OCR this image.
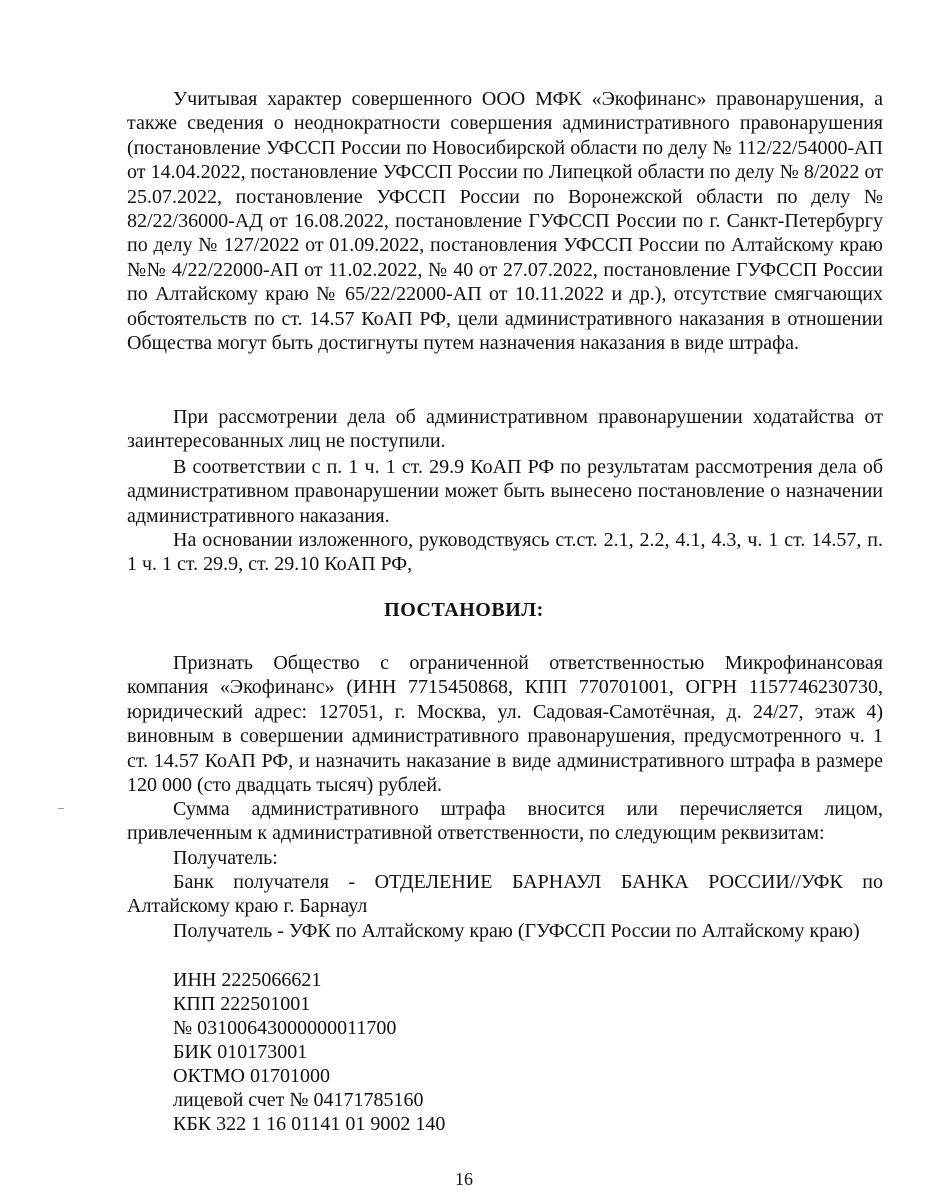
Учитывая характер совершенного ООО МФК «Экофинанс» правонарушения, а также сведения о неоднократности совершения административного правонарушения (постановление УФССП России по Новосибирской области по делу № 112/22/54000-АП от 14.04.2022, постановление УФССП России по Липецкой области по делу № 8/2022 от 25.07.2022, постановление УФССП России по Воронежской области по делу № 82/22/36000-АД от 16.08.2022, постановление ГУФССП России по г. Санкт-Петербургу по делу № 127/2022 от 01.09.2022, постановления УФССП России по Алтайскому краю №№ 4/22/22000-АП от 11.02.2022, № 40 от 27.07.2022, постановление ГУФССП России по Алтайскому краю № 65/22/22000-АП от 10.11.2022 и др.), отсутствие смягчающих обстоятельств по ст. 14.57 КоАП РФ, цели административного наказания в отношении Общества могут быть достигнуты путем назначения наказания в виде штрафа.

При рассмотрении дела об административном правонарушении ходатайства от заинтересованных лиц не поступили.

В соответствии с п. 1 ч. 1 ст. 29.9 КоАП РФ по результатам рассмотрения дела об административном правонарушении может быть вынесено постановление о назначении административного наказания.

На основании изложенного, руководствуясь ст.ст. 2.1, 2.2, 4.1, 4.3, ч. 1 ст. 14.57, п. 1 ч. 1 ст. 29.9, ст. 29.10 КоАП РФ,

ПОСТАНОВИЛ:

Признать Общество с ограниченной ответственностью Микрофинансовая компания «Экофинанс» (ИНН 7715450868, КПП 770701001, ОГРН 1157746230730, юридический адрес: 127051, г. Москва, ул. Садовая-Самотёчная, д. 24/27, этаж 4) виновным в совершении административного правонарушения, предусмотренного ч. 1 ст. 14.57 КоАП РФ, и назначить наказание в виде административного штрафа в размере 120 000 (сто двадцать тысяч) рублей.

Сумма административного штрафа вносится или перечисляется лицом, привлеченным к административной ответственности, по следующим реквизитам:

Получатель:

Банк получателя - ОТДЕЛЕНИЕ БАРНАУЛ БАНКА РОССИИ//УФК по Алтайскому краю г. Барнаул

Получатель - УФК по Алтайскому краю (ГУФССП России по Алтайскому краю)

ИНН 2225066621
КПП 222501001
№ 03100643000000011700
БИК 010173001
ОКТМО 01701000
лицевой счет № 04171785160
КБК 322 1 16 01141 01 9002 140
16
